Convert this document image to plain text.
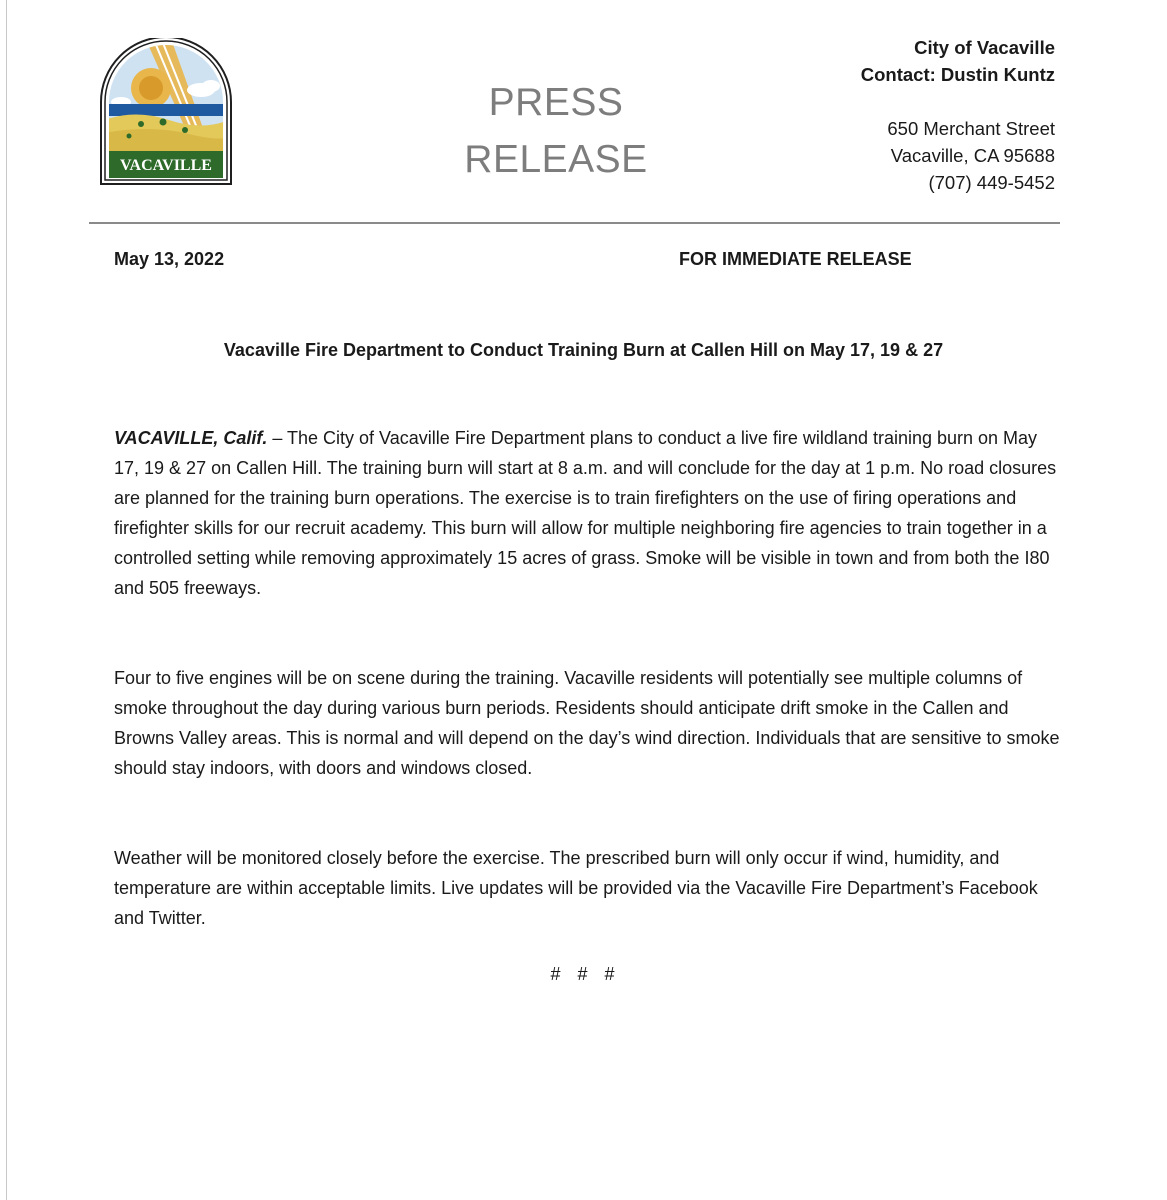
VACAVILLE
PRESS
RELEASE
City of Vacaville
Contact: Dustin Kuntz
650 Merchant Street
Vacaville, CA 95688
(707) 449-5452
May 13, 2022	FOR IMMEDIATE RELEASE
Vacaville Fire Department to Conduct Training Burn at Callen Hill on May 17, 19 & 27
VACAVILLE, Calif. – The City of Vacaville Fire Department plans to conduct a live fire wildland training burn on May 17, 19 & 27 on Callen Hill. The training burn will start at 8 a.m. and will conclude for the day at 1 p.m. No road closures are planned for the training burn operations. The exercise is to train firefighters on the use of firing operations and firefighter skills for our recruit academy. This burn will allow for multiple neighboring fire agencies to train together in a controlled setting while removing approximately 15 acres of grass. Smoke will be visible in town and from both the I80 and 505 freeways.
Four to five engines will be on scene during the training. Vacaville residents will potentially see multiple columns of smoke throughout the day during various burn periods. Residents should anticipate drift smoke in the Callen and Browns Valley areas. This is normal and will depend on the day’s wind direction. Individuals that are sensitive to smoke should stay indoors, with doors and windows closed.
Weather will be monitored closely before the exercise. The prescribed burn will only occur if wind, humidity, and temperature are within acceptable limits. Live updates will be provided via the Vacaville Fire Department’s Facebook and Twitter.
# # #
